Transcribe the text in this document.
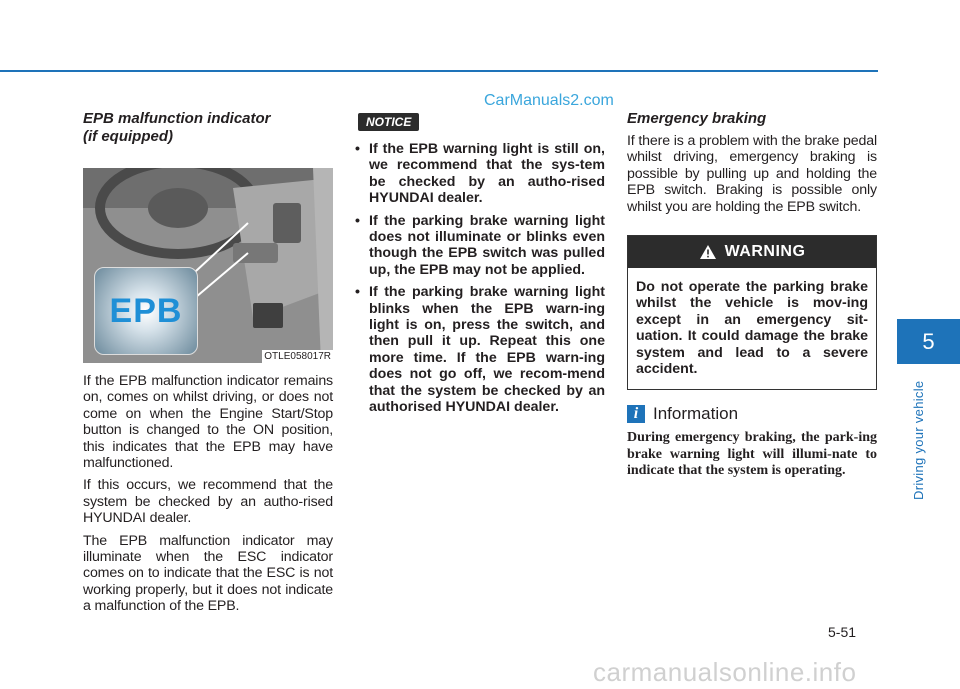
CarManuals2.com
EPB malfunction indicator
(if equipped)
EPB
OTLE058017R

If the EPB malfunction indicator remains on, comes on whilst driving, or does not come on when the Engine Start/Stop button is changed to the ON position, this indicates that the EPB may have malfunctioned.

If this occurs, we recommend that the system be checked by an autho-rised HYUNDAI dealer.

The EPB malfunction indicator may illuminate when the ESC indicator comes on to indicate that the ESC is not working properly, but it does not indicate a malfunction of the EPB.

NOTICE
• If the EPB warning light is still on, we recommend that the sys-tem be checked by an autho-rised HYUNDAI dealer.
• If the parking brake warning light does not illuminate or blinks even though the EPB switch was pulled up, the EPB may not be applied.
• If the parking brake warning light blinks when the EPB warn-ing light is on, press the switch, and then pull it up. Repeat this one more time. If the EPB warn-ing does not go off, we recom-mend that the system be checked by an authorised HYUNDAI dealer.
Emergency braking

If there is a problem with the brake pedal whilst driving, emergency braking is possible by pulling up and holding the EPB switch. Braking is possible only whilst you are holding the EPB switch.

WARNING
Do not operate the parking brake whilst the vehicle is mov-ing except in an emergency sit-uation. It could damage the brake system and lead to a severe accident.
i Information
During emergency braking, the park-ing brake warning light will illumi-nate to indicate that the system is operating.
5
Driving your vehicle
5-51
carmanualsonline.info
